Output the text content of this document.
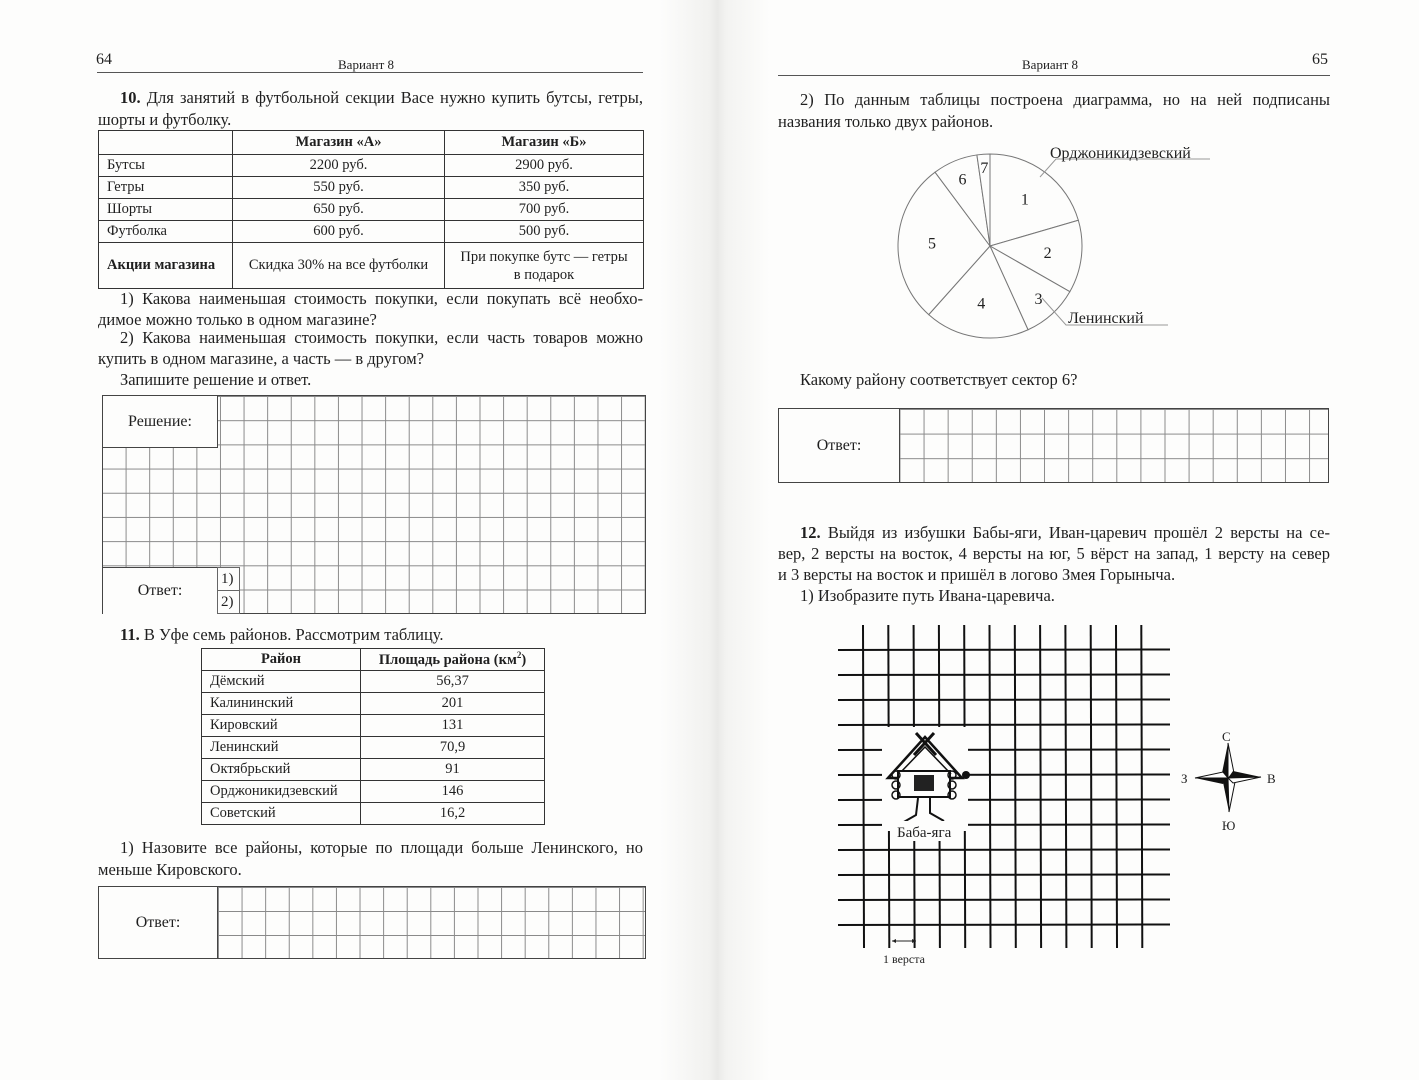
64	Вариант 8
10. Для занятий в футбольной секции Васе нужно купить бутсы, гетры,
шорты и футболку.
	Магазин «А»	Магазин «Б»
Бутсы	2200 руб.	2900 руб.
Гетры	550 руб.	350 руб.
Шорты	650 руб.	700 руб.
Футболка	600 руб.	500 руб.
Акции магазина	Скидка 30% на все футболки	При покупке бутс — гетры
в подарок
1) Какова наименьшая стоимость покупки, если покупать всё необхо-
димое можно только в одном магазине?
2) Какова наименьшая стоимость покупки, если часть товаров можно
купить в одном магазине, а часть — в другом?
Запишите решение и ответ.
Решение:
Ответ:
1)
2)
11. В Уфе семь районов. Рассмотрим таблицу.
Район	Площадь района $(км^2)$
Дёмский	56,37
Калининский	201
Кировский	131
Ленинский	70,9
Октябрьский	91
Орджоникидзевский	146
Советский	16,2
1) Назовите все районы, которые по площади больше Ленинского, но
меньше Кировского.
Ответ:
Вариант 8	65
2) По данным таблицы построена диаграмма, но на ней подписаны
названия только двух районов.
1
2
3
4
5
6
7
Орджоникидзевский
Ленинский
Какому району соответствует сектор 6?
Ответ:
12. Выйдя из избушки Бабы-яги, Иван-царевич прошёл 2 версты на се-
вер, 2 версты на восток, 4 версты на юг, 5 вёрст на запад, 1 версту на север
и 3 версты на восток и пришёл в логово Змея Горыныча.
1) Изобразите путь Ивана-царевича.
Баба-яга
1 верста
С
Ю
З	В
